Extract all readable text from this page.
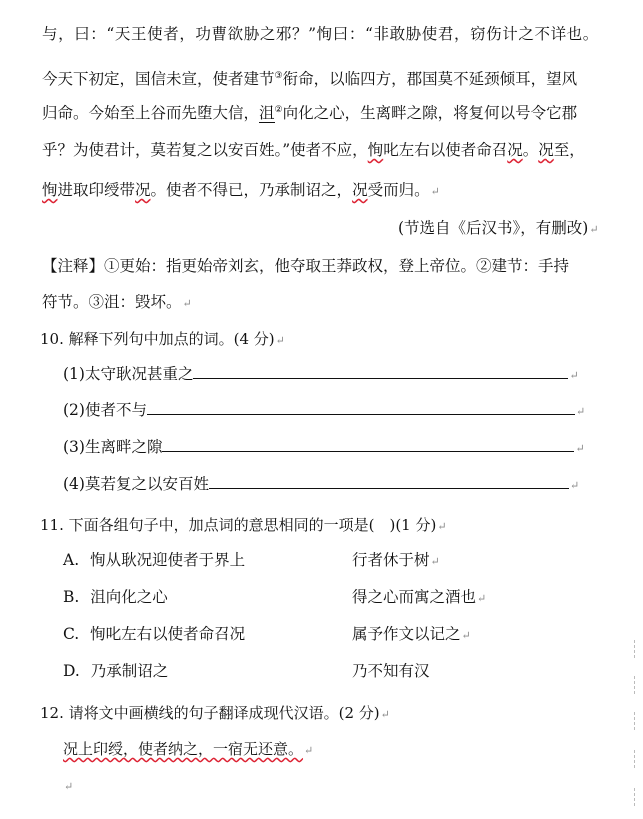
与，曰：“天王使者，功曹欲胁之邪？”恂曰：“非敢胁使君，窃伤计之不详也。
今天下初定，国信未宣，使者建节③衔命，以临四方，郡国莫不延颈倾耳，望风
归命。今始至上谷而先堕大信，沮②向化之心，生离畔之隙，将复何以号令它郡
乎？为使君计，莫若复之以安百姓。”使者不应，恂叱左右以使者命召况。况至，
恂进取印绶带况。使者不得已，乃承制诏之，况受而归。↵
(节选自《后汉书》，有删改)↵
【注释】①更始：指更始帝刘玄，他夺取王莽政权，登上帝位。②建节：手持
符节。③沮：毁坏。↵
10. 解释下列句中加点的词。(4 分)↵
(1)太守耿况甚重之	↵
(2)使者不与	↵
(3)生离畔之隙	↵
(4)莫若复之以安百姓	↵
11. 下面各组句子中，加点词的意思相同的一项是(　)(1 分)↵
A. 恂从耿况迎使者于界上	行者休于树↵
B. 沮向化之心	得之心而寓之酒也↵
C. 恂叱左右以使者命召况	属予作文以记之↵
D. 乃承制诏之	乃不知有汉
12. 请将文中画横线的句子翻译成现代汉语。(2 分)↵
况上印绶，使者纳之，一宿无还意。↵
↵
